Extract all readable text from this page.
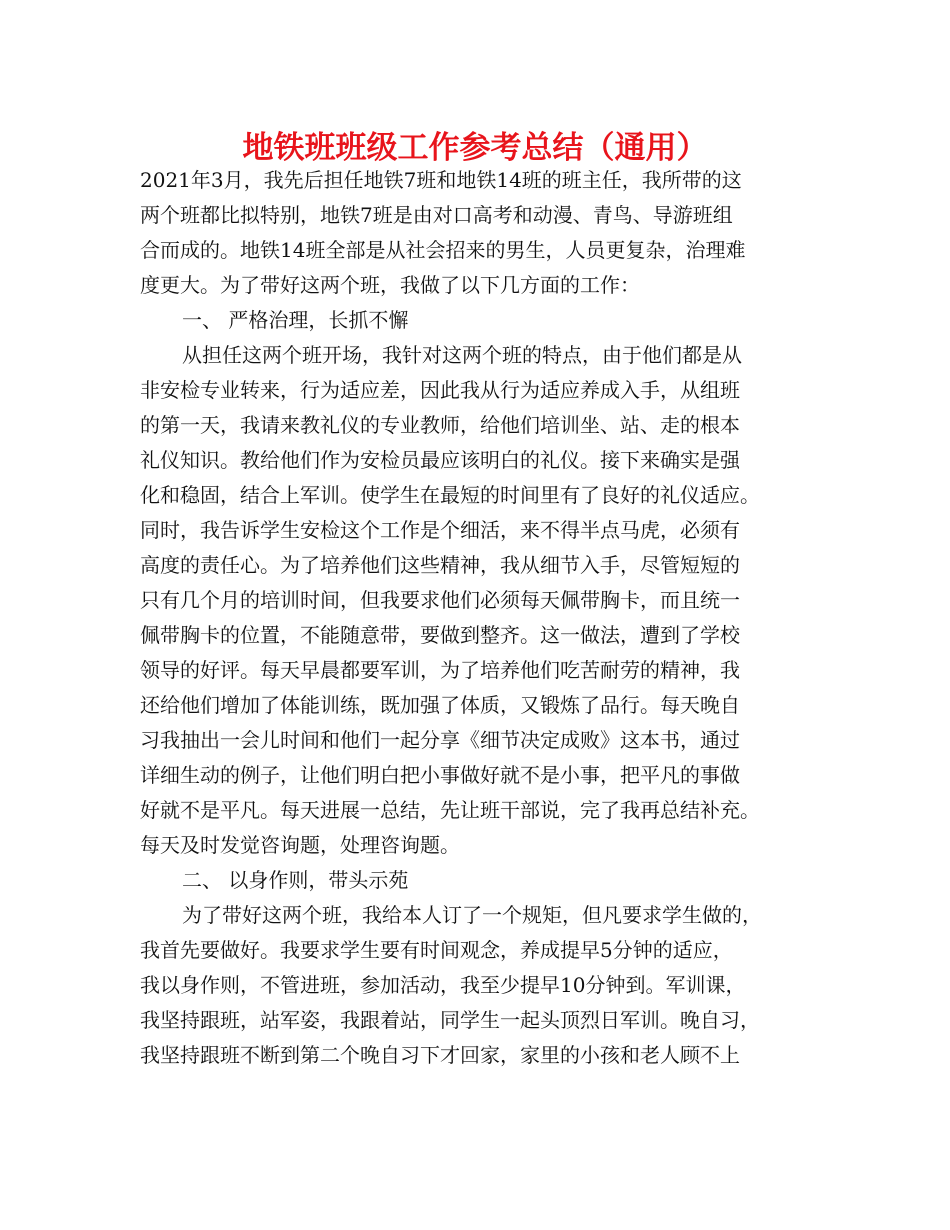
地铁班班级工作参考总结（通用）
2021年3月，我先后担任地铁7班和地铁14班的班主任，我所带的这
两个班都比拟特别，地铁7班是由对口高考和动漫、青鸟、导游班组
合而成的。地铁14班全部是从社会招来的男生，人员更复杂，治理难
度更大。为了带好这两个班，我做了以下几方面的工作：
一、 严格治理，长抓不懈
从担任这两个班开场，我针对这两个班的特点，由于他们都是从
非安检专业转来，行为适应差，因此我从行为适应养成入手，从组班
的第一天，我请来教礼仪的专业教师，给他们培训坐、站、走的根本
礼仪知识。教给他们作为安检员最应该明白的礼仪。接下来确实是强
化和稳固，结合上军训。使学生在最短的时间里有了良好的礼仪适应。
同时，我告诉学生安检这个工作是个细活，来不得半点马虎，必须有
高度的责任心。为了培养他们这些精神，我从细节入手，尽管短短的
只有几个月的培训时间，但我要求他们必须每天佩带胸卡，而且统一
佩带胸卡的位置，不能随意带，要做到整齐。这一做法，遭到了学校
领导的好评。每天早晨都要军训，为了培养他们吃苦耐劳的精神，我
还给他们增加了体能训练，既加强了体质，又锻炼了品行。每天晚自
习我抽出一会儿时间和他们一起分享《细节决定成败》这本书，通过
详细生动的例子，让他们明白把小事做好就不是小事，把平凡的事做
好就不是平凡。每天进展一总结，先让班干部说，完了我再总结补充。
每天及时发觉咨询题，处理咨询题。
二、 以身作则，带头示苑
为了带好这两个班，我给本人订了一个规矩，但凡要求学生做的，
我首先要做好。我要求学生要有时间观念，养成提早5分钟的适应，
我以身作则，不管进班，参加活动，我至少提早10分钟到。军训课，
我坚持跟班，站军姿，我跟着站，同学生一起头顶烈日军训。晚自习，
我坚持跟班不断到第二个晚自习下才回家，家里的小孩和老人顾不上
